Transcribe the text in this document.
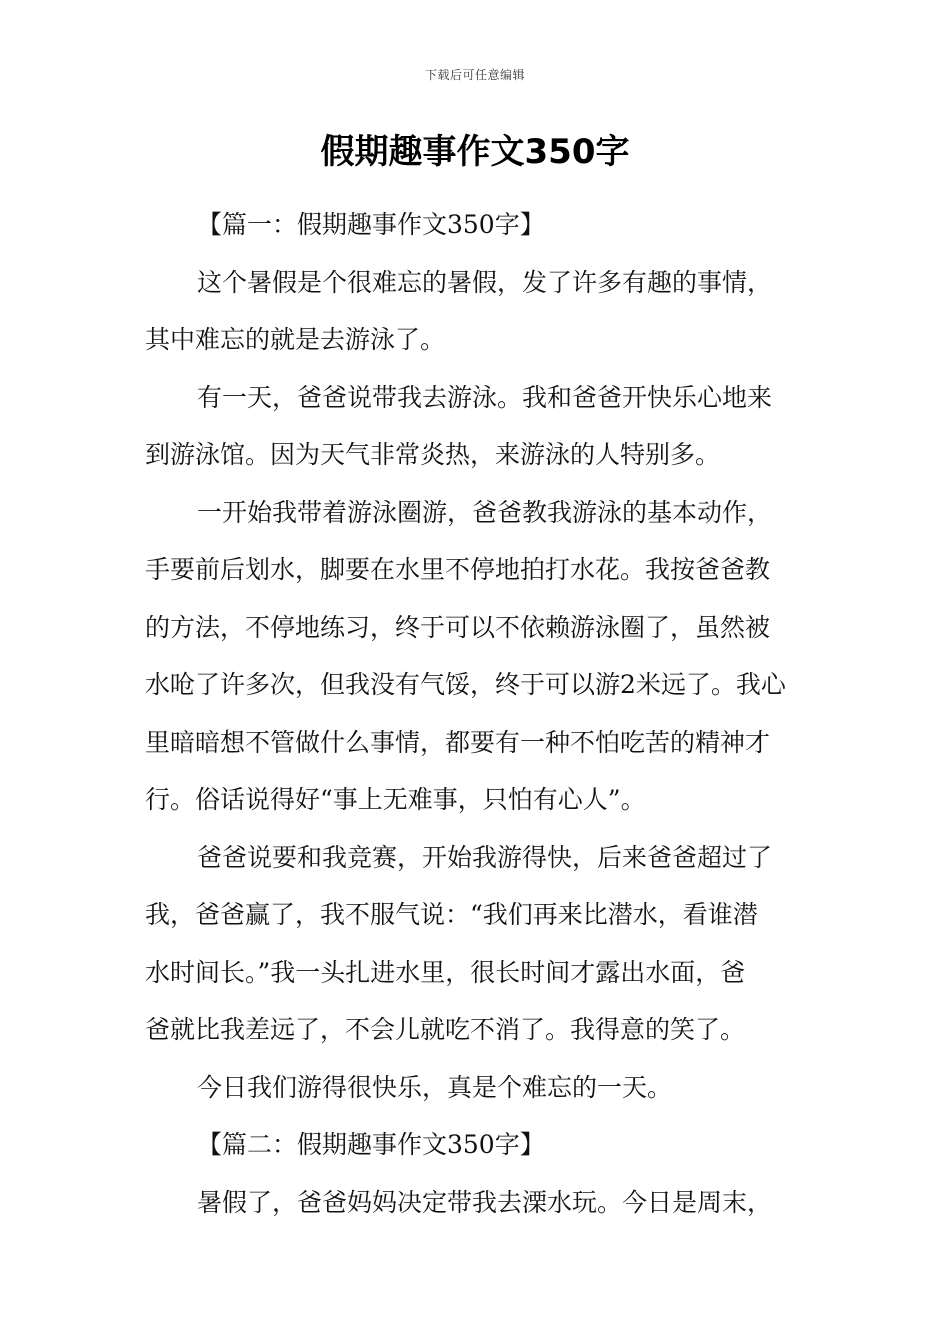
下载后可任意编辑
假期趣事作文350字
【篇一：假期趣事作文350字】
这个暑假是个很难忘的暑假，发了许多有趣的事情，
其中难忘的就是去游泳了。
有一天，爸爸说带我去游泳。我和爸爸开快乐心地来
到游泳馆。因为天气非常炎热，来游泳的人特别多。
一开始我带着游泳圈游，爸爸教我游泳的基本动作，
手要前后划水，脚要在水里不停地拍打水花。我按爸爸教
的方法，不停地练习，终于可以不依赖游泳圈了，虽然被
水呛了许多次，但我没有气馁，终于可以游2米远了。我心
里暗暗想不管做什么事情，都要有一种不怕吃苦的精神才
行。俗话说得好“事上无难事，只怕有心人”。
爸爸说要和我竞赛，开始我游得快，后来爸爸超过了
我，爸爸赢了，我不服气说：“我们再来比潜水，看谁潜
水时间长。”我一头扎进水里，很长时间才露出水面，爸
爸就比我差远了，不会儿就吃不消了。我得意的笑了。
今日我们游得很快乐，真是个难忘的一天。
【篇二：假期趣事作文350字】
暑假了，爸爸妈妈决定带我去溧水玩。今日是周末，
